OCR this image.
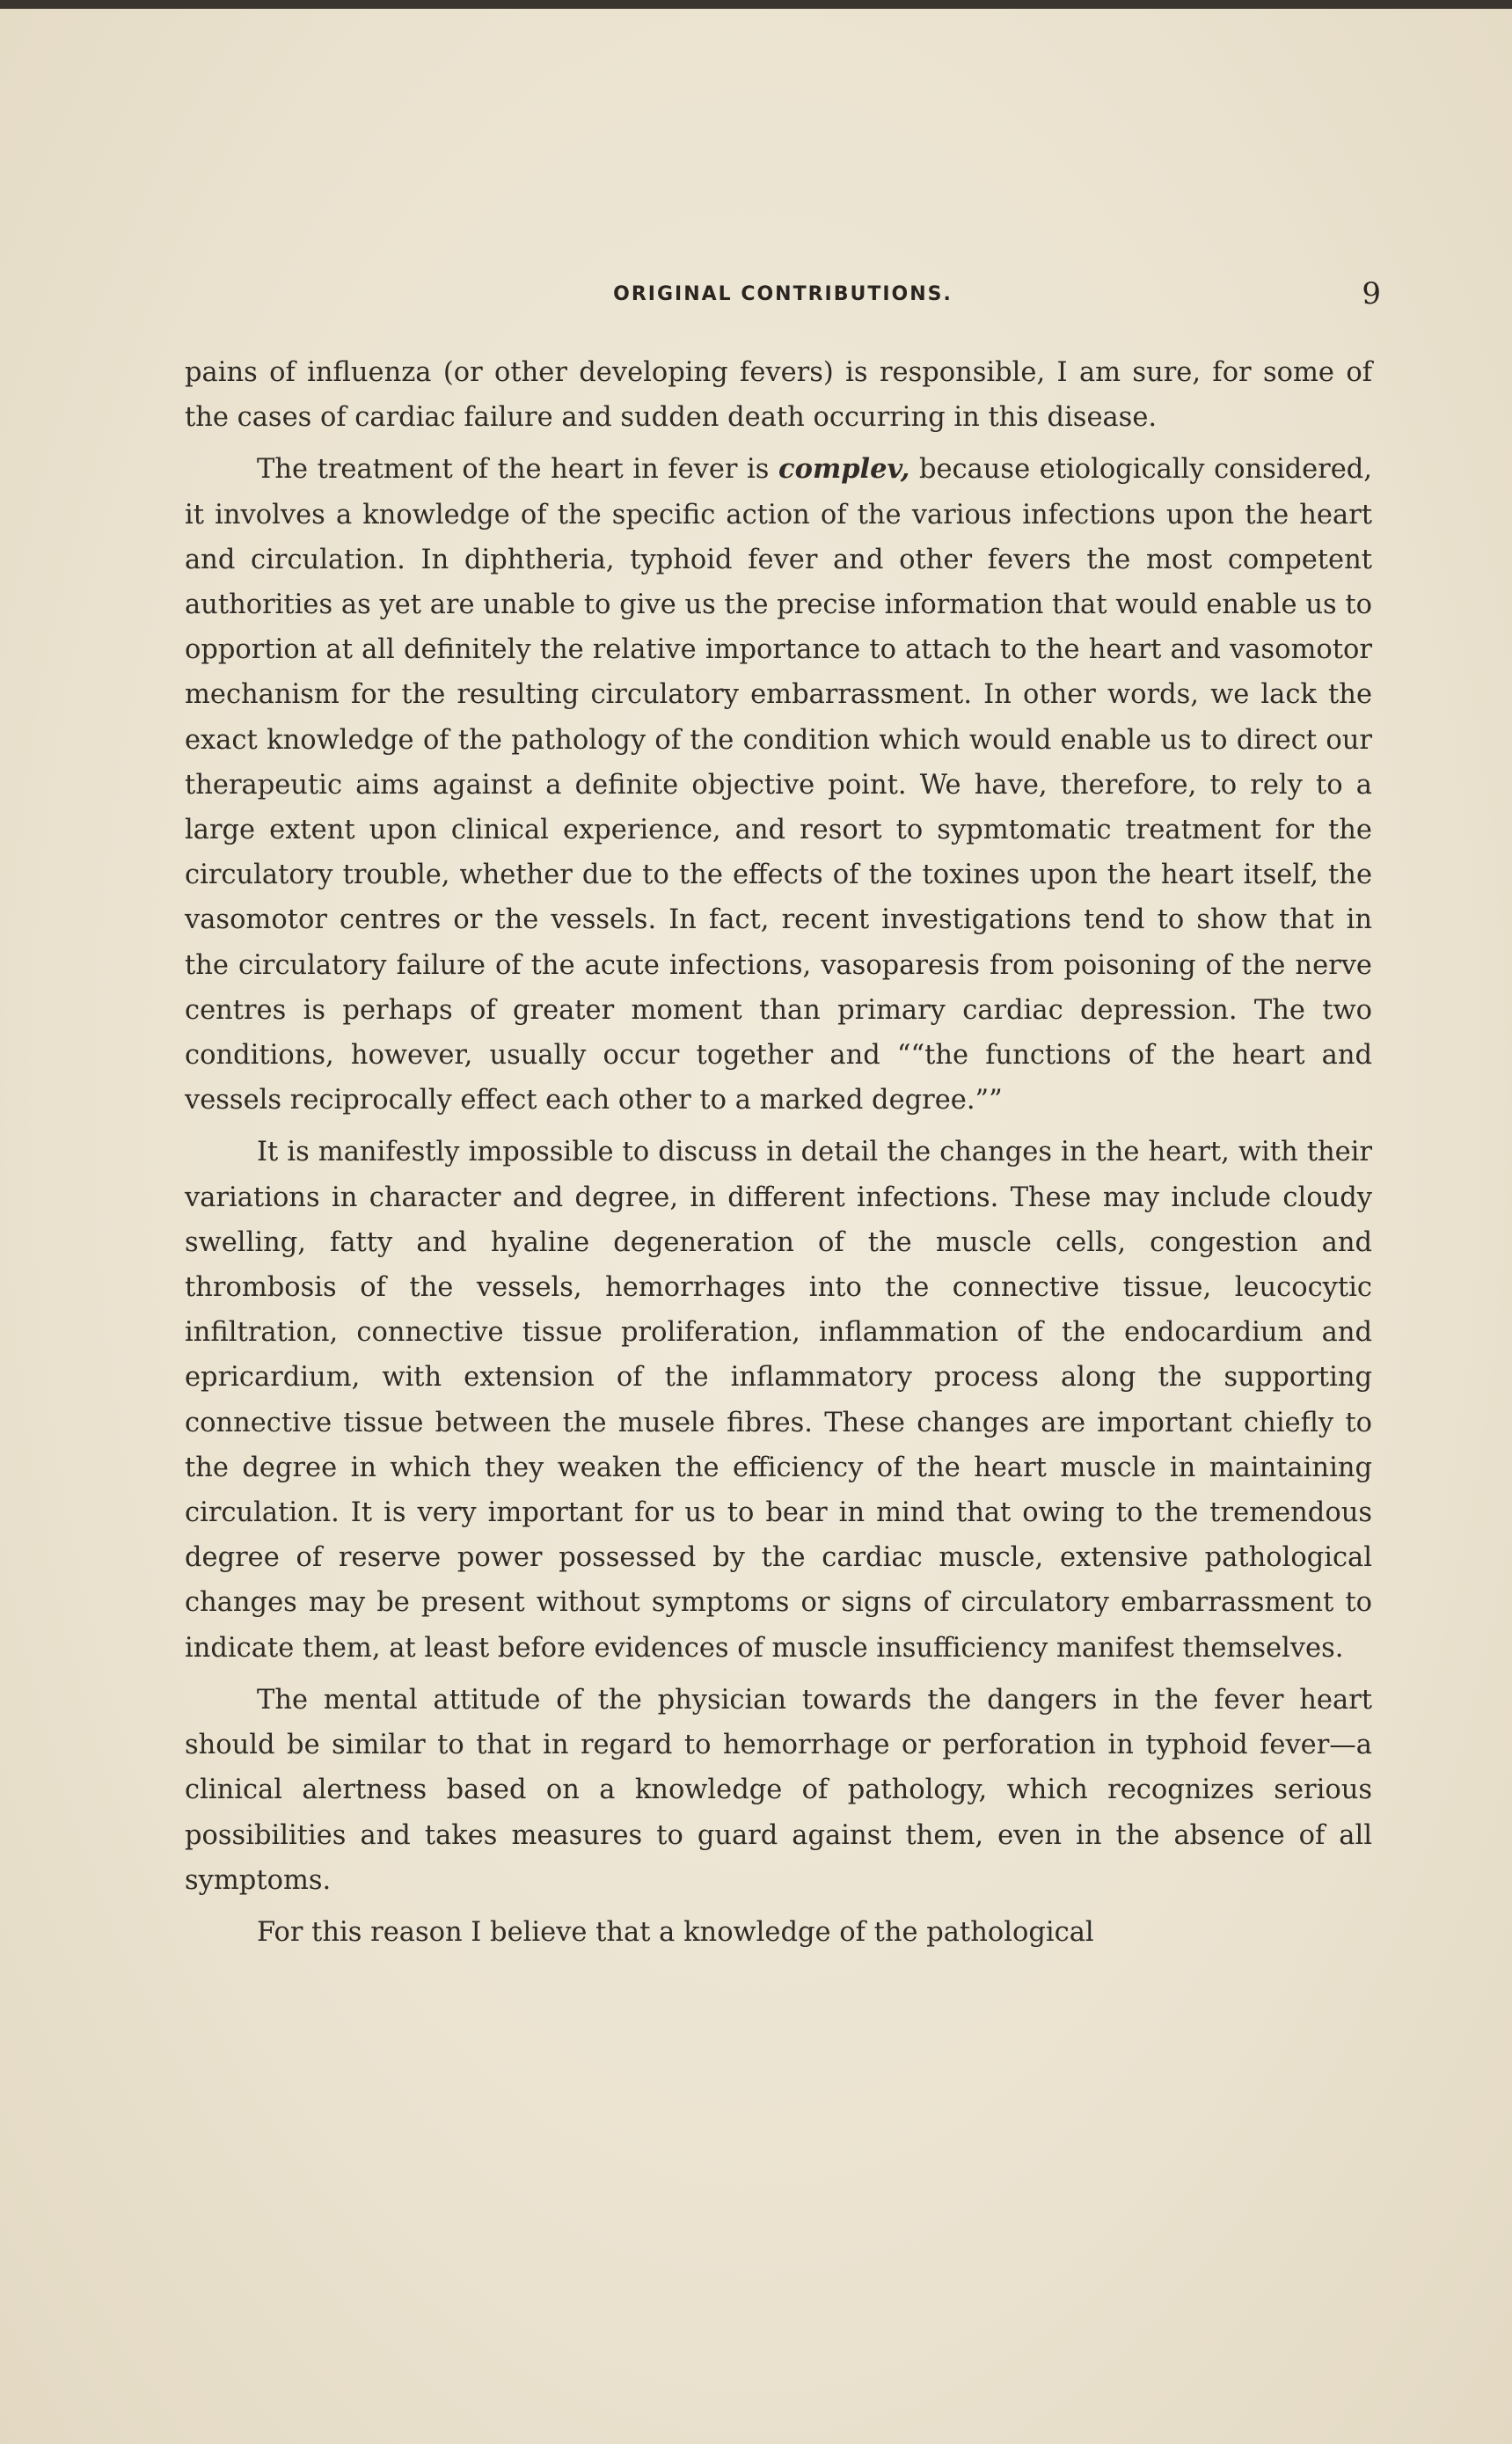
ORIGINAL CONTRIBUTIONS.	9

pains of influenza (or other developing fevers) is responsible, I am sure, for some of the cases of cardiac failure and sudden death occurring in this disease.

The treatment of the heart in fever is complev, because etiologically considered, it involves a knowledge of the specific action of the various infections upon the heart and circulation. In diphtheria, typhoid fever and other fevers the most competent authorities as yet are unable to give us the precise information that would enable us to opportion at all definitely the relative importance to attach to the heart and vasomotor mechanism for the resulting circulatory embarrassment. In other words, we lack the exact knowledge of the pathology of the condition which would enable us to direct our therapeutic aims against a definite objective point. We have, therefore, to rely to a large extent upon clinical experience, and resort to sypmtomatic treatment for the circulatory trouble, whether due to the effects of the toxines upon the heart itself, the vasomotor centres or the vessels. In fact, recent investigations tend to show that in the circulatory failure of the acute infections, vasoparesis from poisoning of the nerve centres is perhaps of greater moment than primary cardiac depression. The two conditions, however, usually occur together and ““the functions of the heart and vessels reciprocally effect each other to a marked degree.””

It is manifestly impossible to discuss in detail the changes in the heart, with their variations in character and degree, in different infections. These may include cloudy swelling, fatty and hyaline degeneration of the muscle cells, congestion and thrombosis of the vessels, hemorrhages into the connective tissue, leucocytic infiltration, connective tissue proliferation, inflammation of the endocardium and epricardium, with extension of the inflammatory process along the supporting connective tissue between the musele fibres. These changes are important chiefly to the degree in which they weaken the efficiency of the heart muscle in maintaining circulation. It is very important for us to bear in mind that owing to the tremendous degree of reserve power possessed by the cardiac muscle, extensive pathological changes may be present without symptoms or signs of circulatory embarrassment to indicate them, at least before evidences of muscle insufficiency manifest themselves.

The mental attitude of the physician towards the dangers in the fever heart should be similar to that in regard to hemorrhage or perforation in typhoid fever—a clinical alertness based on a knowledge of pathology, which recognizes serious possibilities and takes measures to guard against them, even in the absence of all symptoms.

For this reason I believe that a knowledge of the pathological
